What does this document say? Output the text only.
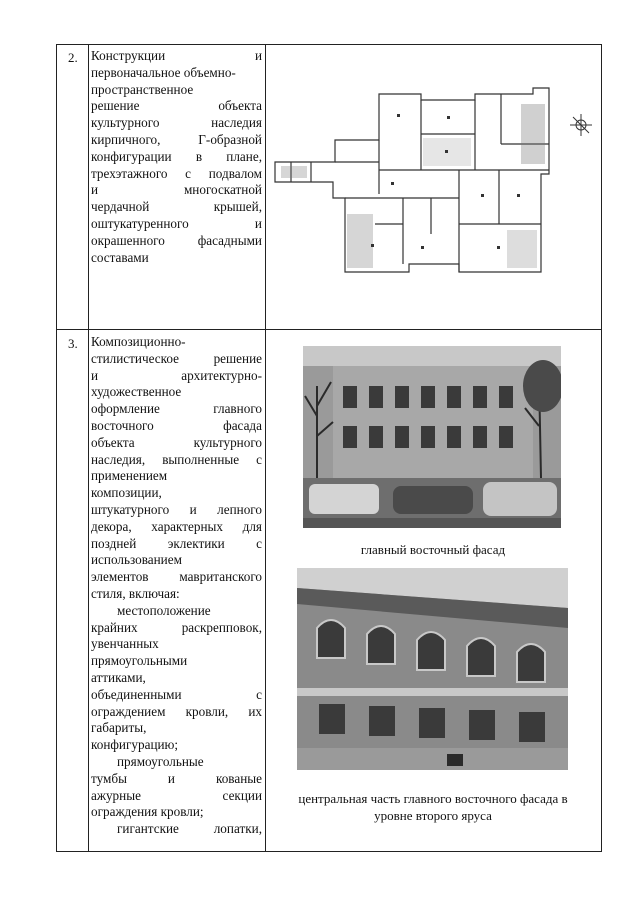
2. Конструкции и

первоначальное объемно-

пространственное

решение объекта

культурного наследия

кирпичного, Г-образной

конфигурации в плане,

трехэтажного с подвалом

и многоскатной

чердачной крышей,

оштукатуренного и

окрашенного фасадными

составами

3. Композиционно-

стилистическое решение

и архитектурно-

художественное

оформление главного

восточного фасада

объекта культурного

наследия, выполненные с

применением

композиции,

штукатурного и лепного

декора, характерных для

поздней эклектики с

использованием

элементов мавританского

стиля, включая:

местоположение

крайних раскрепповок,

увенчанных

прямоугольными

аттиками,

объединенными с

ограждением кровли, их

габариты,

конфигурацию;

прямоугольные

тумбы и кованые

ажурные секции

ограждения кровли;

гигантские лопатки,

главный восточный фасад
центральная часть главного восточного фасада в
уровне второго яруса
